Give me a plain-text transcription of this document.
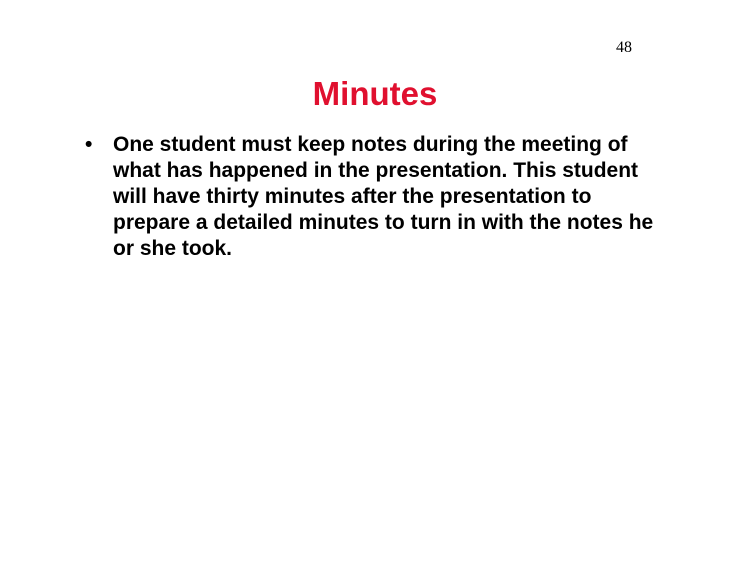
48
Minutes
• One student must keep notes during the meeting of what has happened in the presentation. This student will have thirty minutes after the presentation to prepare a detailed minutes to turn in with the notes he or she took.
